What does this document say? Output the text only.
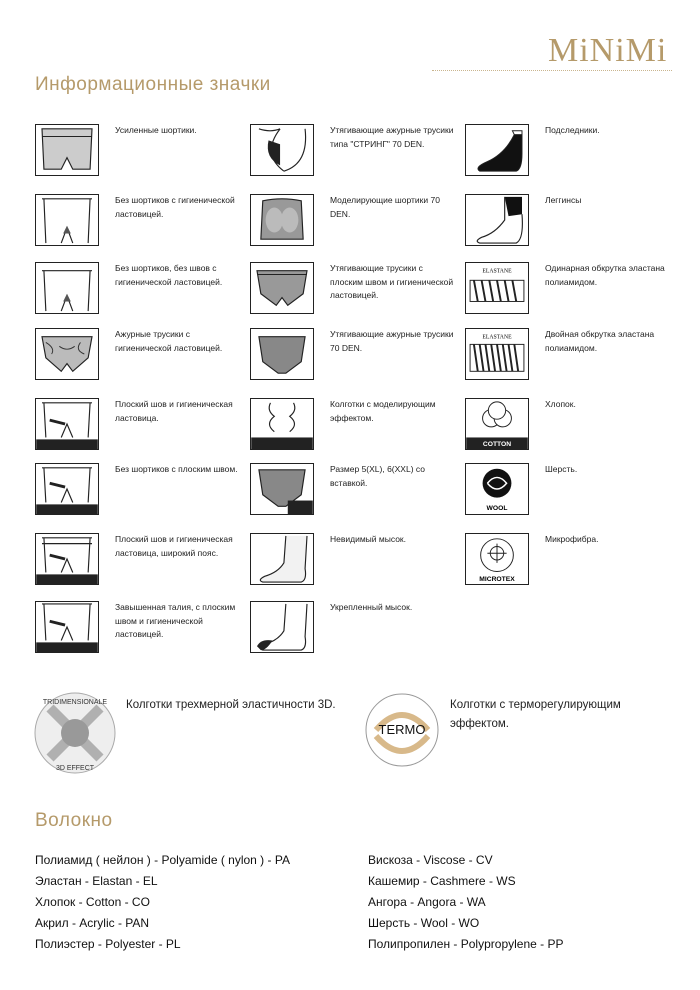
MiNiMi
Информационные значки
Усиленные шортики.
Без шортиков с гигиенической ластовицей.
Без шортиков, без швов с гигиенической ластовицей.
Ажурные трусики с гигиенической ластовицей.
Плоский шов и гигиеническая ластовица.
Без шортиков с плоским швом.
Плоский шов и гигиеническая ластовица, широкий пояс.
Завышенная талия, с плоским швом и гигиенической ластовицей.
Утягивающие ажурные трусики типа "СТРИНГ" 70 DEN.
Моделирующие шортики 70 DEN.
Утягивающие трусики с плоским швом и гигиенической ластовицей.
Утягивающие ажурные трусики 70 DEN.
Колготки с моделирующим эффектом.
Размер 5(XL), 6(XXL) со вставкой.
Невидимый мысок.
Укрепленный мысок.
Подследники.
Леггинсы
ELASTANE	Одинарная обкрутка эластана полиамидом.
ELASTANE	Двойная обкрутка эластана полиамидом.
COTTON
Хлопок.
WOOL
Шерсть.
MICROTEX
Микрофибра.
TRIDIMENSIONALE
3D EFFECT
Колготки трехмерной эластичности 3D.
TERMO
Колготки с терморегулирующим эффектом.
Волокно
Полиамид ( нейлон ) - Polyamide ( nylon ) - PA
Эластан - Elastan - EL
Хлопок - Cotton - CO
Акрил - Acrylic - PAN
Полиэстер - Polyester - PL
Вискоза - Viscose - CV
Кашемир - Cashmere - WS
Ангора - Angora - WA
Шерсть - Wool - WO
Полипропилен - Polypropylene - PP
